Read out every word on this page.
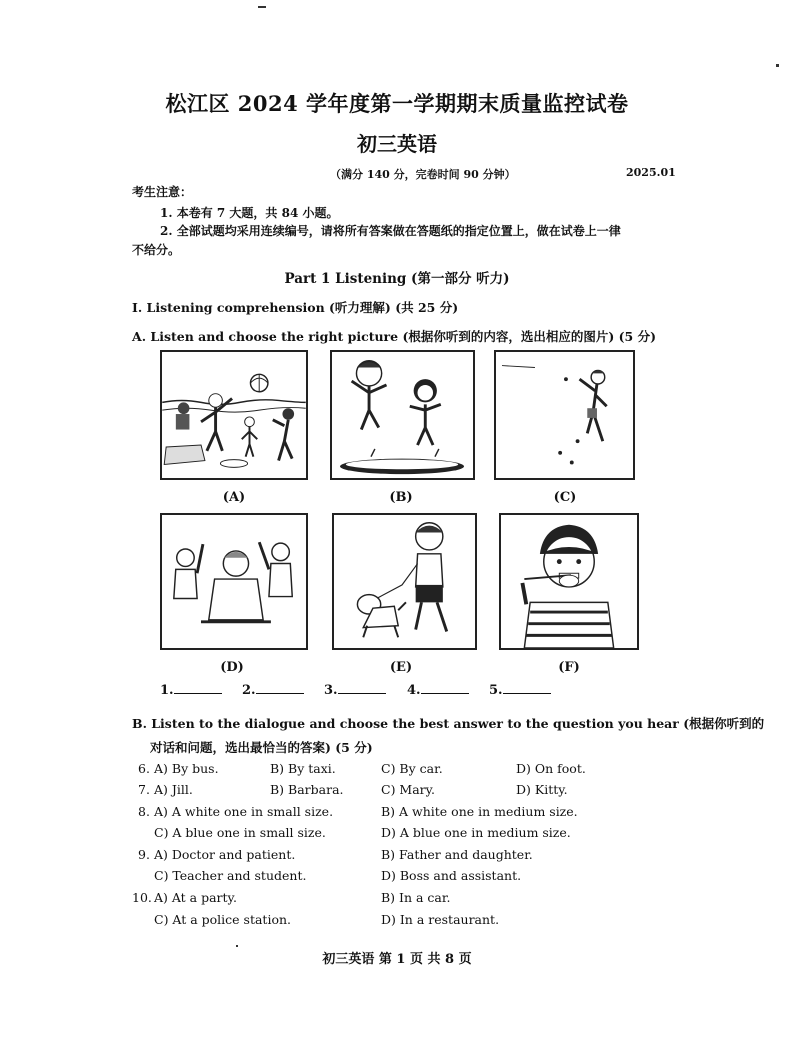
松江区 2024 学年度第一学期期末质量监控试卷
初三英语
（满分 140 分，完卷时间 90 分钟）	2025.01
考生注意：
1. 本卷有 7 大题，共 84 小题。
2. 全部试题均采用连续编号，请将所有答案做在答题纸的指定位置上，做在试卷上一律
不给分。
Part 1 Listening (第一部分 听力)
I. Listening comprehension (听力理解) (共 25 分)
A. Listen and choose the right picture (根据你听到的内容，选出相应的图片) (5 分)
(A)	(B)	(C)
(D)	(E)	(F)
1.	2.	3.	4.	5.
B. Listen to the dialogue and choose the best answer to the question you hear (根据你听到的
对话和问题，选出最恰当的答案) (5 分)
6. A) By bus.	B) By taxi.	C) By car.	D) On foot.
7. A) Jill.	B) Barbara.	C) Mary.	D) Kitty.
8. A) A white one in small size.	B) A white one in medium size.
C) A blue one in small size.	D) A blue one in medium size.
9. A) Doctor and patient.	B) Father and daughter.
C) Teacher and student.	D) Boss and assistant.
10. A) At a party.	B) In a car.
C) At a police station.	D) In a restaurant.
初三英语 第 1 页 共 8 页
